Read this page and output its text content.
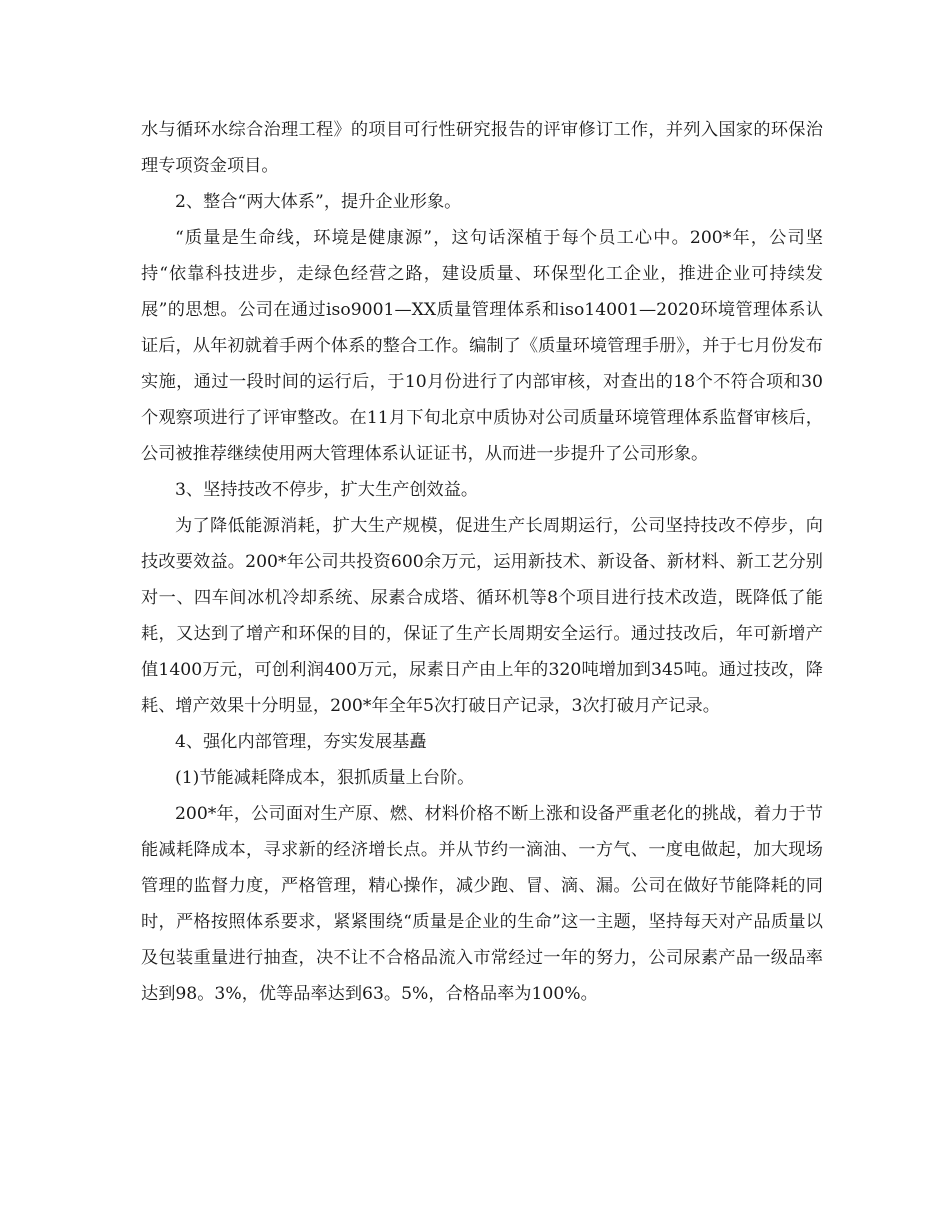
水与循环水综合治理工程》的项目可行性研究报告的评审修订工作，并列入国家的环保治理专项资金项目。

2、整合“两大体系”，提升企业形象。

“质量是生命线，环境是健康源”，这句话深植于每个员工心中。200*年，公司坚持“依靠科技进步，走绿色经营之路，建设质量、环保型化工企业，推进企业可持续发展”的思想。公司在通过iso9001—XX质量管理体系和iso14001—2020环境管理体系认证后，从年初就着手两个体系的整合工作。编制了《质量环境管理手册》，并于七月份发布实施，通过一段时间的运行后，于10月份进行了内部审核，对查出的18个不符合项和30个观察项进行了评审整改。在11月下旬北京中质协对公司质量环境管理体系监督审核后，公司被推荐继续使用两大管理体系认证证书，从而进一步提升了公司形象。

3、坚持技改不停步，扩大生产创效益。

为了降低能源消耗，扩大生产规模，促进生产长周期运行，公司坚持技改不停步，向技改要效益。200*年公司共投资600余万元，运用新技术、新设备、新材料、新工艺分别对一、四车间冰机冷却系统、尿素合成塔、循环机等8个项目进行技术改造，既降低了能耗，又达到了增产和环保的目的，保证了生产长周期安全运行。通过技改后，年可新增产值1400万元，可创利润400万元，尿素日产由上年的320吨增加到345吨。通过技改，降耗、增产效果十分明显，200*年全年5次打破日产记录，3次打破月产记录。

4、强化内部管理，夯实发展基矗

(1)节能减耗降成本，狠抓质量上台阶。

200*年，公司面对生产原、燃、材料价格不断上涨和设备严重老化的挑战，着力于节能减耗降成本，寻求新的经济增长点。并从节约一滴油、一方气、一度电做起，加大现场管理的监督力度，严格管理，精心操作，减少跑、冒、滴、漏。公司在做好节能降耗的同时，严格按照体系要求，紧紧围绕“质量是企业的生命”这一主题，坚持每天对产品质量以及包装重量进行抽查，决不让不合格品流入市常经过一年的努力，公司尿素产品一级品率达到98。3%，优等品率达到63。5%，合格品率为100%。
